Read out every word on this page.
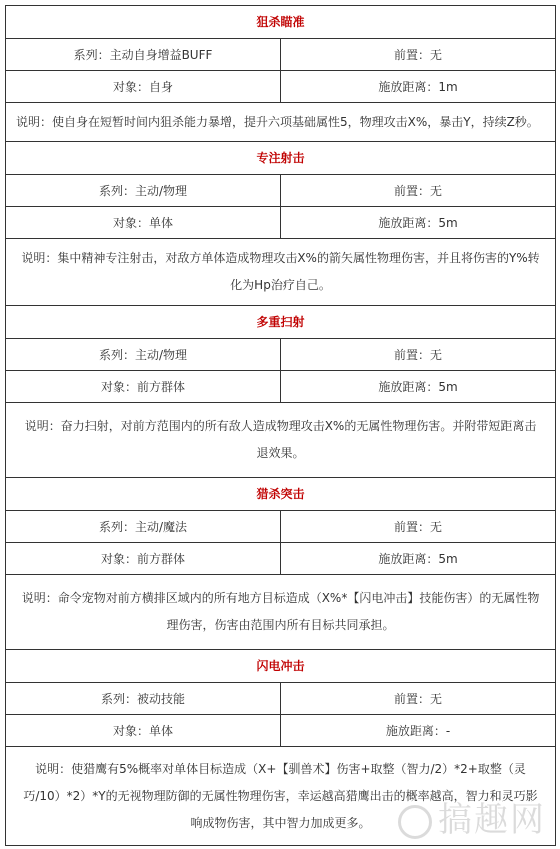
狙杀瞄准	
系列：主动自身增益BUFF	前置：无
对象：自身	施放距离：1m
说明：使自身在短暂时间内狙杀能力暴增，提升六项基础属性5，物理攻击X%，暴击Y，持续Z秒。	
专注射击	
系列：主动/物理	前置：无
对象：单体	施放距离：5m
说明：集中精神专注射击，对敌方单体造成物理攻击X%的箭矢属性物理伤害，并且将伤害的Y%转化为Hp治疗自己。	
多重扫射	
系列：主动/物理	前置：无
对象：前方群体	施放距离：5m
说明：奋力扫射，对前方范围内的所有敌人造成物理攻击X%的无属性物理伤害。并附带短距离击退效果。	
猎杀突击	
系列：主动/魔法	前置：无
对象：前方群体	施放距离：5m
说明：命令宠物对前方横排区域内的所有地方目标造成（X%*【闪电冲击】技能伤害）的无属性物理伤害，伤害由范围内所有目标共同承担。	
闪电冲击	
系列：被动技能	前置：无
对象：单体	施放距离：-
说明：使猎鹰有5%概率对单体目标造成（X+【驯兽术】伤害+取整（智力/2）*2+取整（灵巧/10）*2）*Y的无视物理防御的无属性物理伤害，幸运越高猎鹰出击的概率越高，智力和灵巧影响成物伤害，其中智力加成更多。		搞趣网
